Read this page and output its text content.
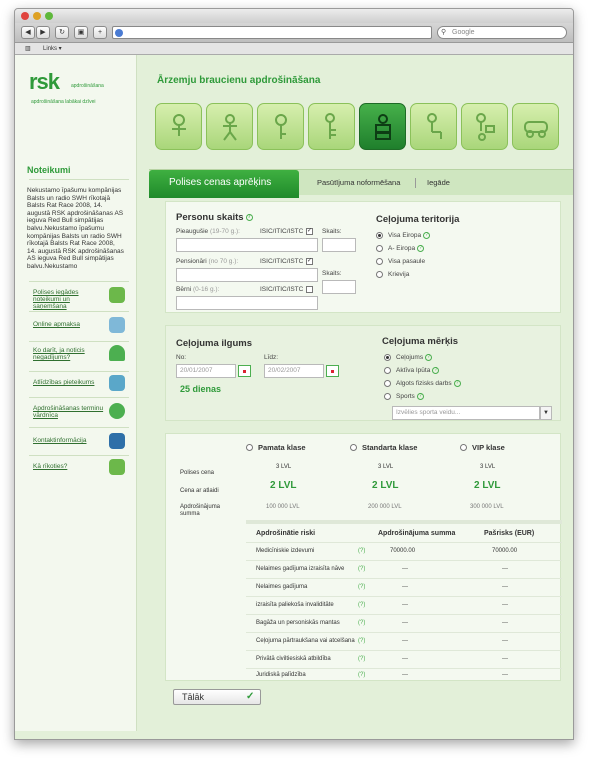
◀	▶	↻	▣	+	⚲ Google
▥ Links ▾
rsk apdrošināšana
apdrošināšana labākai dzīvei
Noteikumi
Nekustamo īpašumu kompānijas Balsts un radio SWH rīkotajā Balsts Rat Race 2008, 14. augustā RSK apdrošināšanas AS ieguva Red Bull simpātijas balvu.Nekustamo īpašumu kompānijas Balsts un radio SWH rīkotajā Balsts Rat Race 2008, 14. augustā RSK apdrošināšanas AS ieguva Red Bull simpātijas balvu.Nekustamo
Polises iegādes noteikumi un saņemšana
Online apmaksa
Ko darīt, ja noticis negadījums?
Atlīdzības pieteikums
Apdrošināšanas terminu vārdnīca
Kontaktinformācija
Kā rīkoties?
Ārzemju braucienu apdrošināšana
Polises cenas aprēķins	Pasūtījuma noformēšana	Iegāde
Personu skaits ?
Pieaugušie (19-70 g.):	ISIC/ITIC/ISTC ✓ Skaits:
Pensionāri (no 70 g.):	ISIC/ITIC/ISTC ✓
Skaits:
Bērni (0-16 g.):	ISIC/ITIC/ISTC
Ceļojuma teritorija
Visa Eiropa ?
A- Eiropa ?
Visa pasaule
Krievija
Ceļojuma ilgums
No:	Līdz:
20/01/2007	20/02/2007
25 dienas
Ceļojuma mērķis
Ceļojums ?
Aktīva Ipūta ?
Algots fizisks darbs ?
Sports ?
Izvēlies sporta veidu...	▼
Pamata klase	Standarta klase	VIP klase
Polises cena
3 LVL	3 LVL	3 LVL
Cena ar atlaidi	2 LVL	2 LVL	2 LVL
Apdrošinājuma summa
100 000 LVL	200 000 LVL	300 000 LVL
Apdrošinātie riski	Apdrošinājuma summa	Pašrisks (EUR)
Medicīniskie izdevumi	(?)	70000.00	70000.00
Nelaimes gadījuma izraisīta nāve (?)	---	---
Nelaimes gadījuma	(?)	---	---
izraisīta paliekoša invaliditāte	(?)	---	---
Bagāža un personiskās mantas	(?)	---	---
Ceļojuma pārtraukšana vai atcelšana (?)	---	---
Privātā civiltiesiskā atbildība	(?)	---	---
Juridiskā palīdzība	(?)	---	---
Tālāk	✓
